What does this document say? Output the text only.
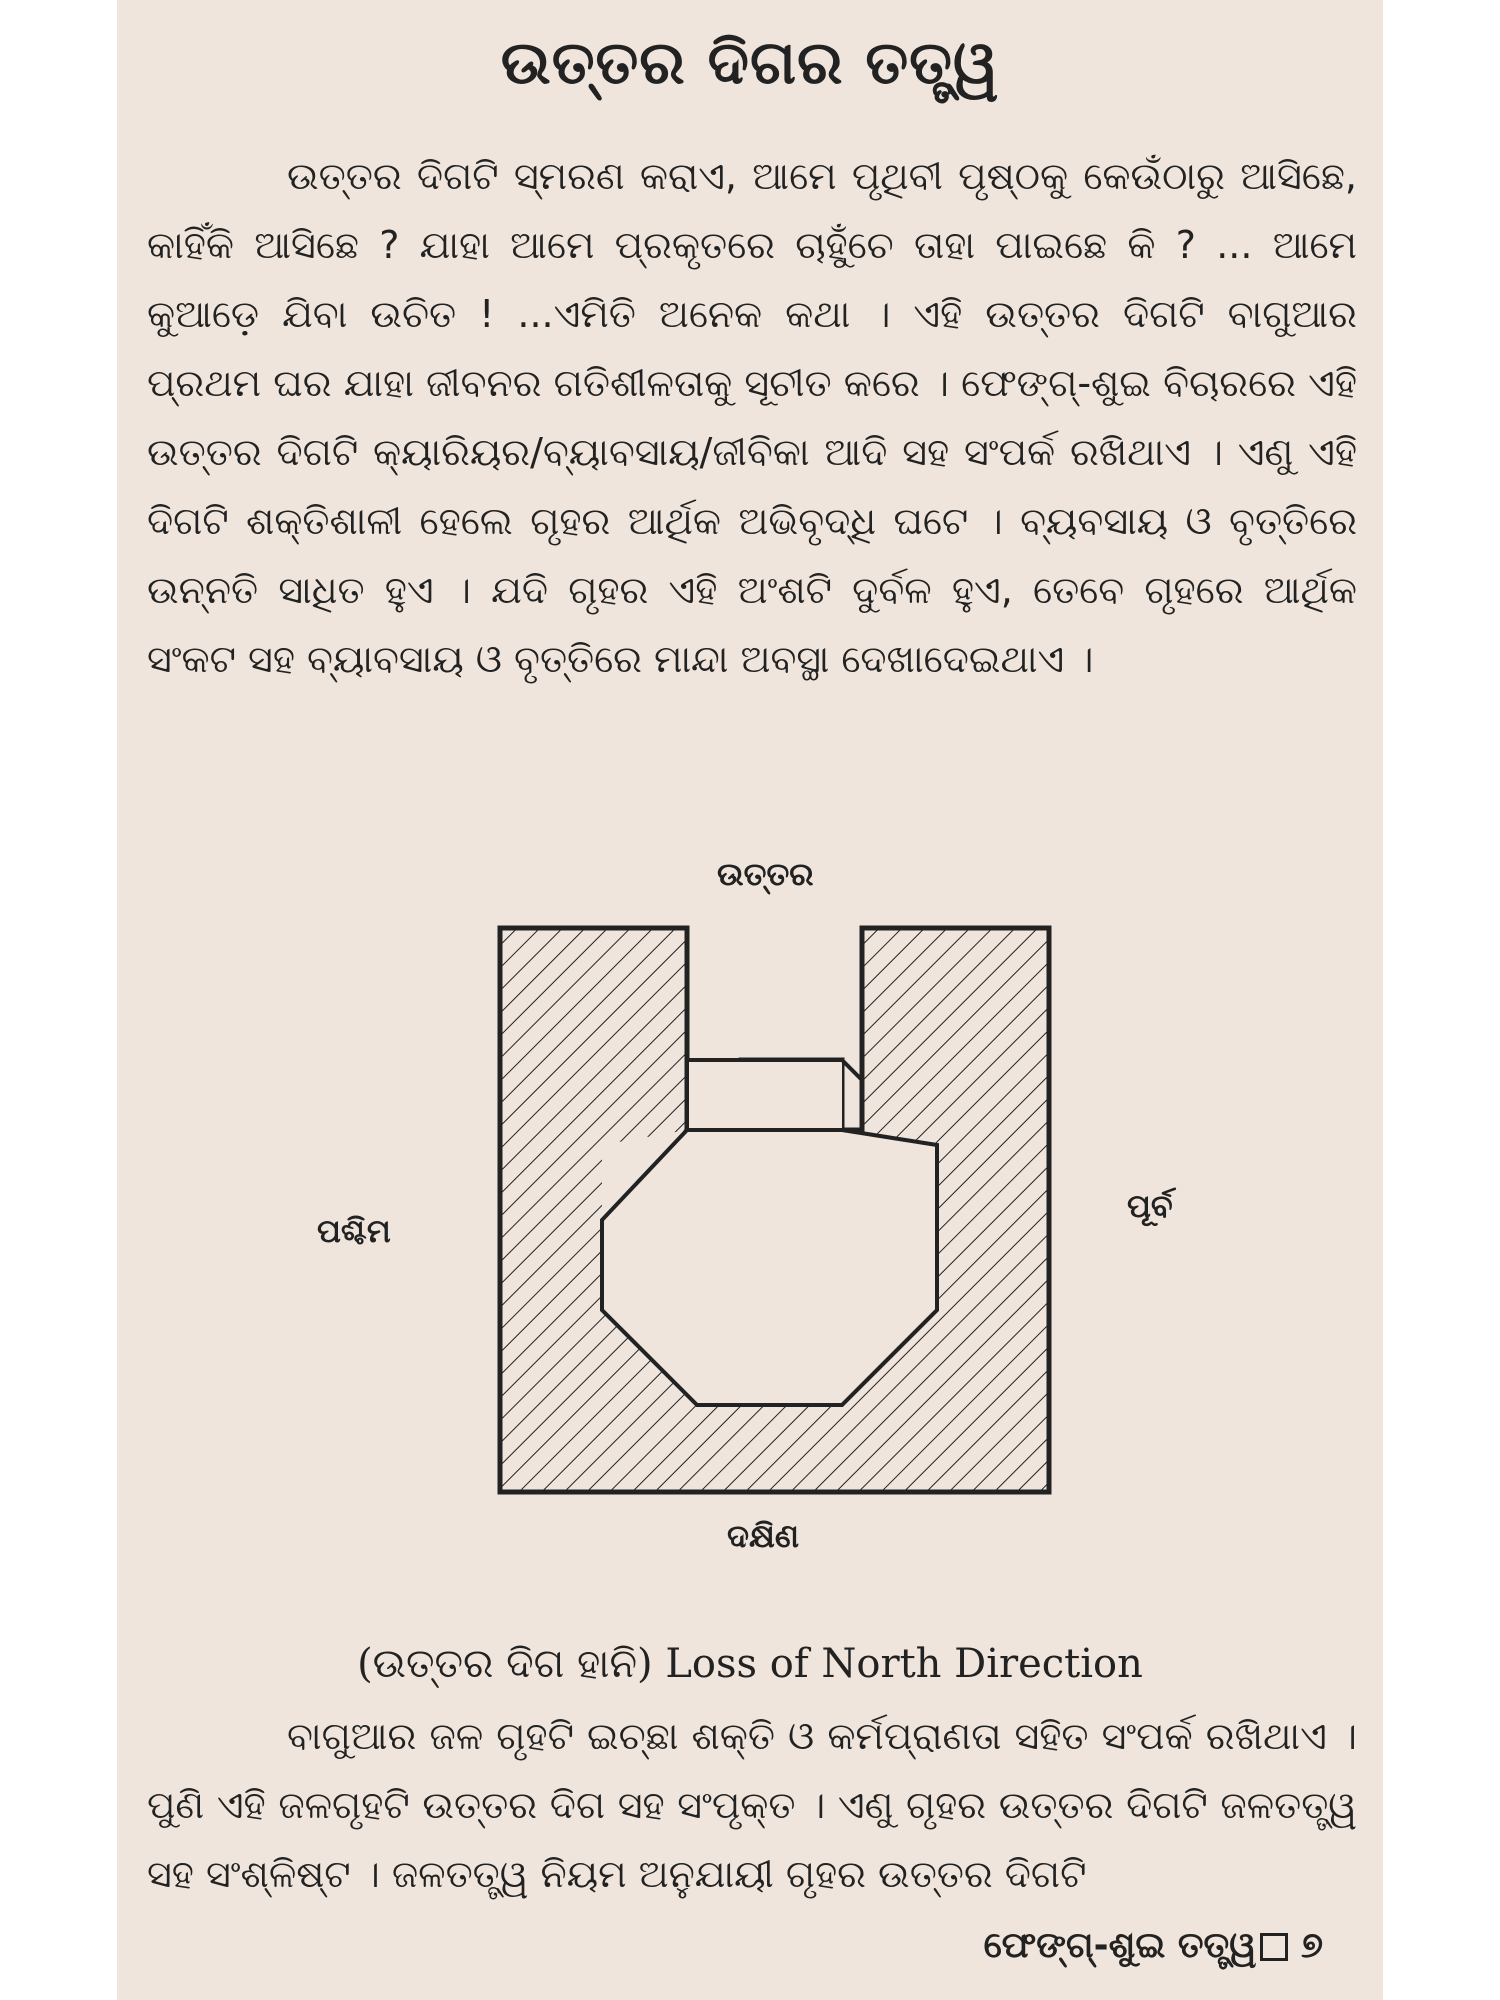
ଉତ୍ତର ଦିଗର ତତ୍ତ୍ୱ
ଉତ୍ତର ଦିଗଟି ସ୍ମରଣ କରାଏ, ଆମେ ପୃଥିବୀ ପୃଷ୍ଠକୁ କେଉଁଠାରୁ ଆସିଛେ, କାହିଁକି ଆସିଛେ ? ଯାହା ଆମେ ପ୍ରକୃତରେ ଚାହୁଁଚେ ତାହା ପାଇଛେ କି ? ... ଆମେ କୁଆଡ଼େ ଯିବା ଉଚିତ ! ...ଏମିତି ଅନେକ କଥା । ଏହି ଉତ୍ତର ଦିଗଟି ବାଗୁଆର ପ୍ରଥମ ଘର ଯାହା ଜୀବନର ଗତିଶୀଳତାକୁ ସୂଚୀତ କରେ । ଫେଙ୍ଗ୍-ଶୁଇ ବିଚାରରେ ଏହି ଉତ୍ତର ଦିଗଟି କ୍ୟାରିୟର/ବ୍ୟାବସାୟ/ଜୀବିକା ଆଦି ସହ ସଂପର୍କ ରଖିଥାଏ । ଏଣୁ ଏହି ଦିଗଟି ଶକ୍ତିଶାଳୀ ହେଲେ ଗୃହର ଆର୍ଥିକ ଅଭିବୃଦ୍ଧି ଘଟେ । ବ୍ୟବସାୟ ଓ ବୃତ୍ତିରେ ଉନ୍ନତି ସାଧିତ ହୁଏ । ଯଦି ଗୃହର ଏହି ଅଂଶଟି ଦୁର୍ବଳ ହୁଏ, ତେବେ ଗୃହରେ ଆର୍ଥିକ ସଂକଟ ସହ ବ୍ୟାବସାୟ ଓ ବୃତ୍ତିରେ ମାନ୍ଦା ଅବସ୍ଥା ଦେଖାଦେଇଥାଏ ।
ଉତ୍ତର
ପଶ୍ଚିମ
ପୂର୍ବ
ଦକ୍ଷିଣ
(ଉତ୍ତର ଦିଗ ହାନି) Loss of North Direction
ବାଗୁଆର ଜଳ ଗୃହଟି ଇଚ୍ଛା ଶକ୍ତି ଓ କର୍ମପ୍ରାଣତା ସହିତ ସଂପର୍କ ରଖିଥାଏ । ପୁଣି ଏହି ଜଳଗୃହଟି ଉତ୍ତର ଦିଗ ସହ ସଂପୃକ୍ତ । ଏଣୁ ଗୃହର ଉତ୍ତର ଦିଗଟି ଜଳତତ୍ତ୍ୱ ସହ ସଂଶ୍ଳିଷ୍ଟ । ଜଳତତ୍ତ୍ୱ ନିୟମ ଅନୁଯାୟୀ ଗୃହର ଉତ୍ତର ଦିଗଟି
ଫେଙ୍ଗ୍-ଶୁଇ ତତ୍ତ୍ୱ ୭
